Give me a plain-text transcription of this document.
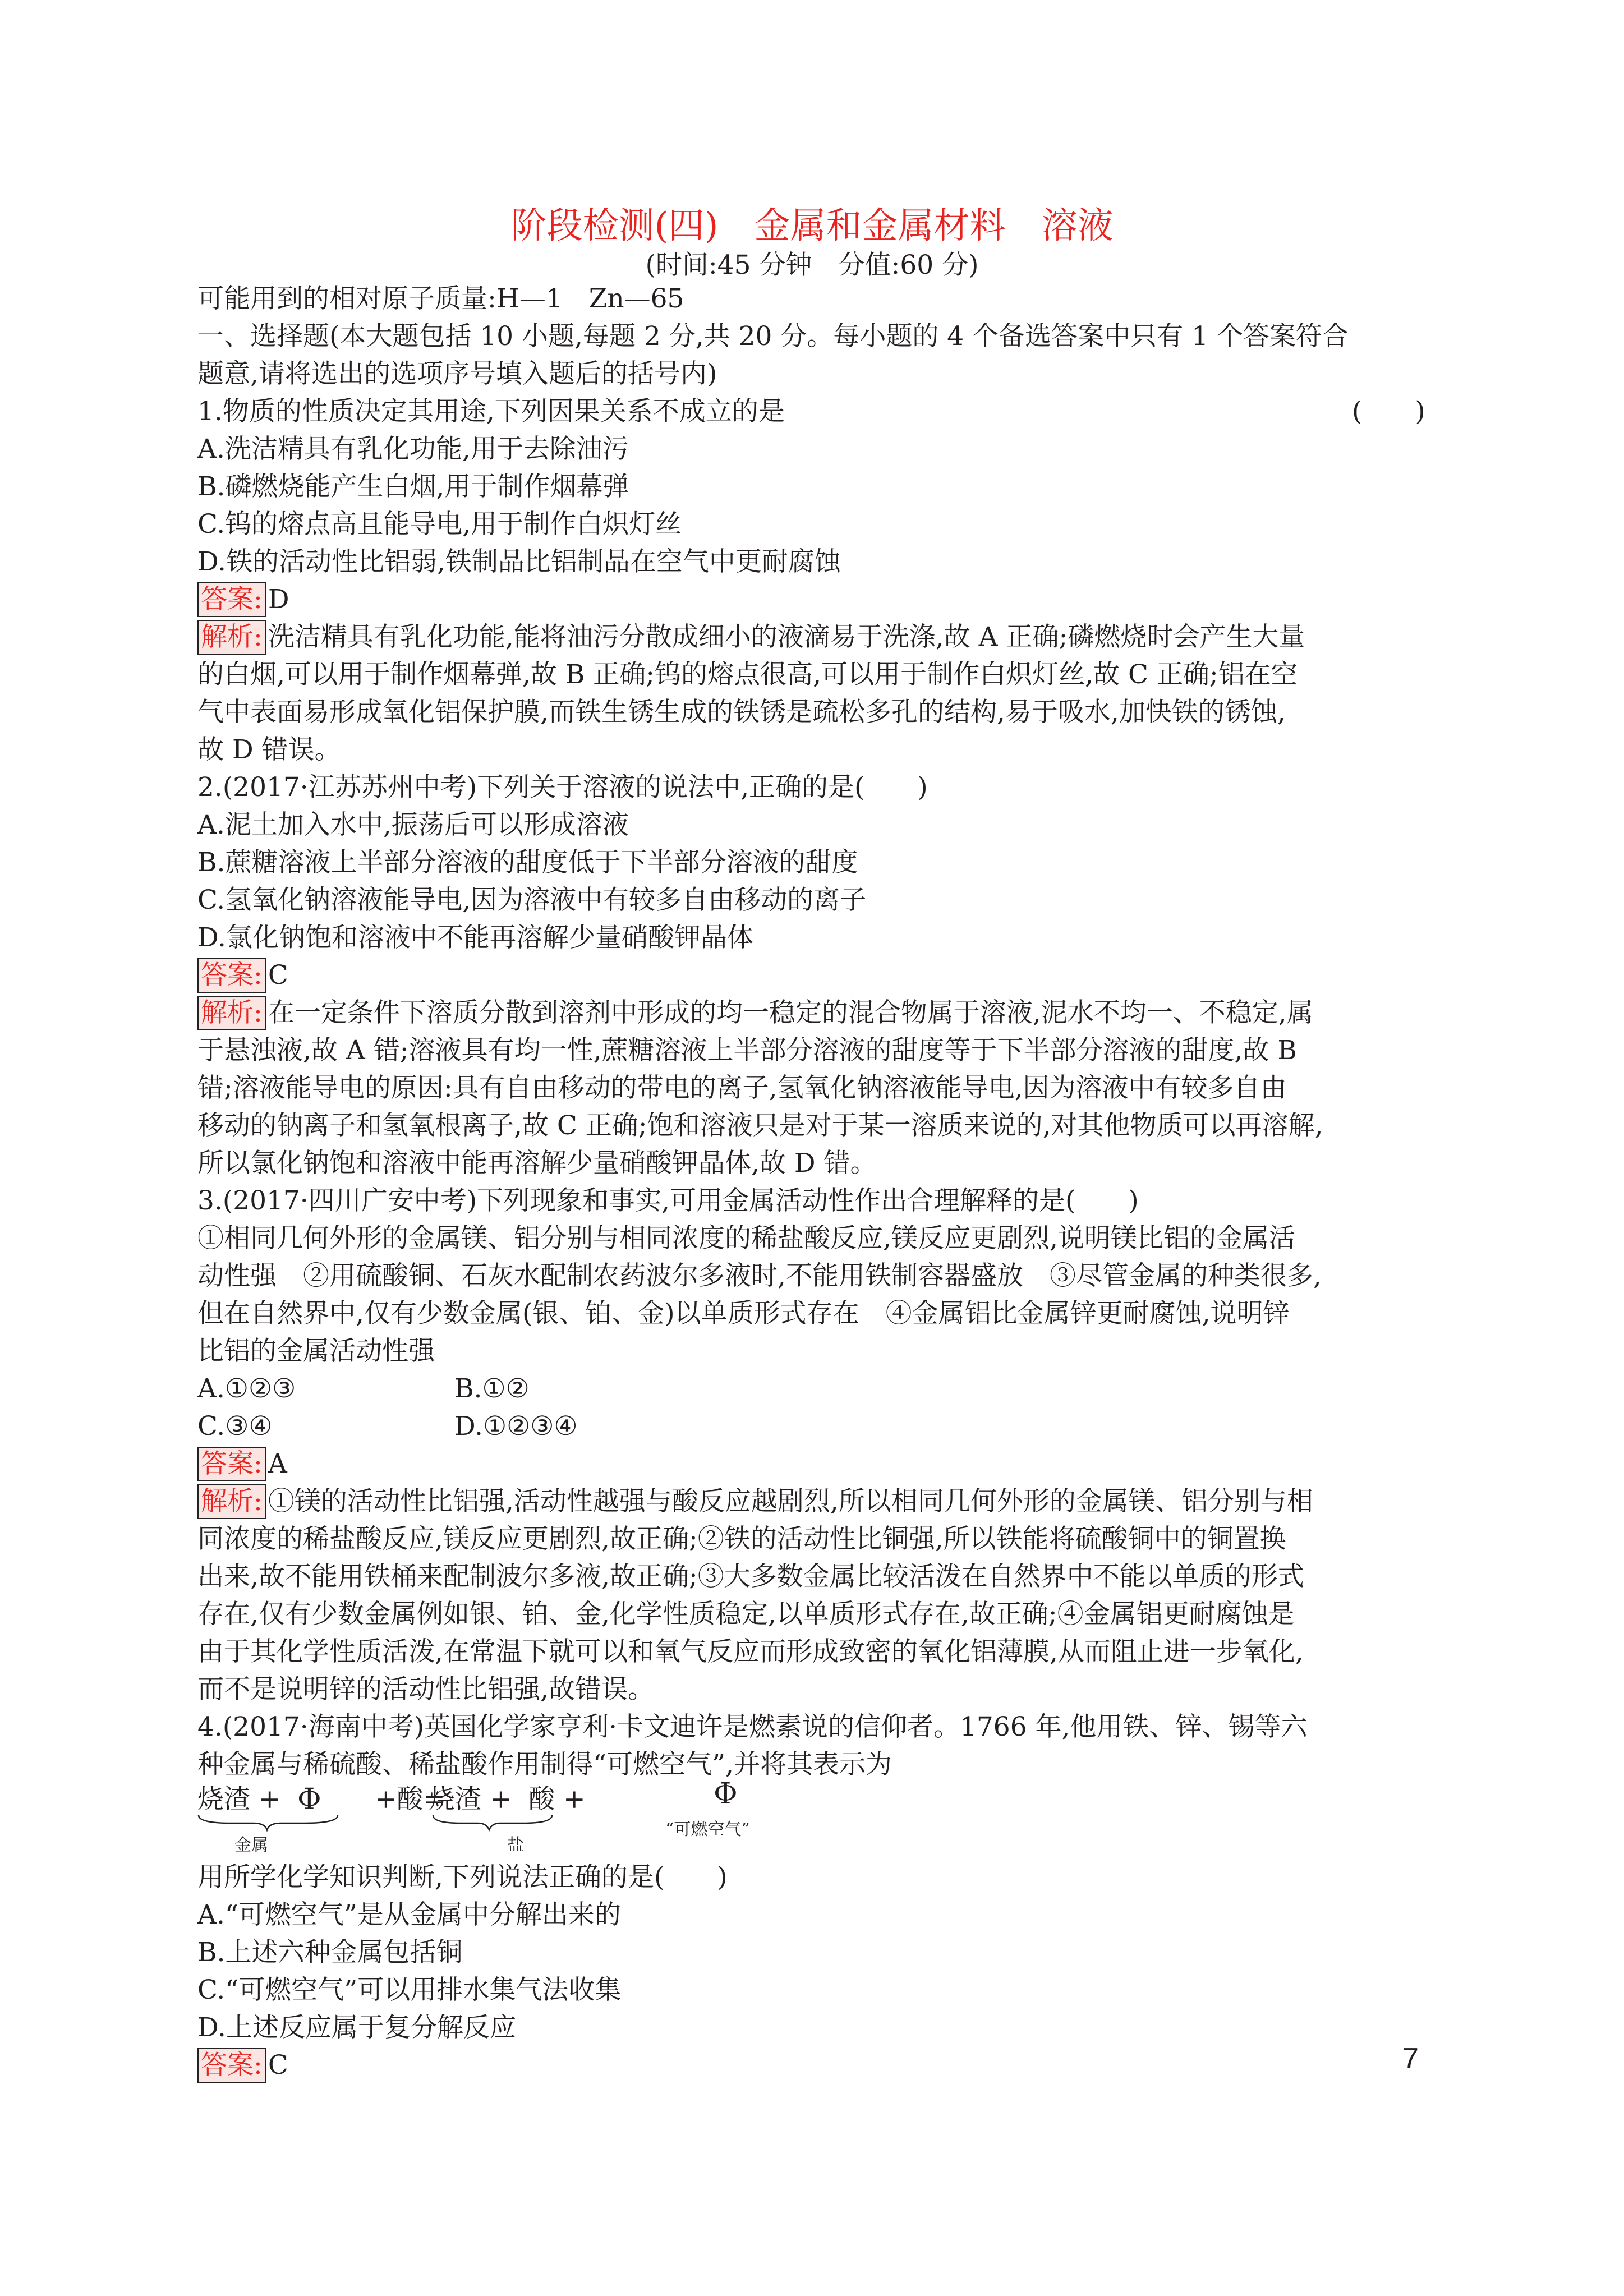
阶段检测(四)　金属和金属材料　溶液
(时间:45 分钟　分值:60 分)
可能用到的相对原子质量:H—1　Zn—65
一、选择题(本大题包括 10 小题,每题 2 分,共 20 分。每小题的 4 个备选答案中只有 1 个答案符合
题意,请将选出的选项序号填入题后的括号内)
1.物质的性质决定其用途,下列因果关系不成立的是	(　　)
A.洗洁精具有乳化功能,用于去除油污
B.磷燃烧能产生白烟,用于制作烟幕弹
C.钨的熔点高且能导电,用于制作白炽灯丝
D.铁的活动性比铝弱,铁制品比铝制品在空气中更耐腐蚀
答案: D
解析: 洗洁精具有乳化功能,能将油污分散成细小的液滴易于洗涤,故 A 正确;磷燃烧时会产生大量
的白烟,可以用于制作烟幕弹,故 B 正确;钨的熔点很高,可以用于制作白炽灯丝,故 C 正确;铝在空
气中表面易形成氧化铝保护膜,而铁生锈生成的铁锈是疏松多孔的结构,易于吸水,加快铁的锈蚀,
故 D 错误。
2.(2017·江苏苏州中考)下列关于溶液的说法中,正确的是(　　)
A.泥土加入水中,振荡后可以形成溶液
B.蔗糖溶液上半部分溶液的甜度低于下半部分溶液的甜度
C.氢氧化钠溶液能导电,因为溶液中有较多自由移动的离子
D.氯化钠饱和溶液中不能再溶解少量硝酸钾晶体
答案: C
解析: 在一定条件下溶质分散到溶剂中形成的均一稳定的混合物属于溶液,泥水不均一、不稳定,属
于悬浊液,故 A 错;溶液具有均一性,蔗糖溶液上半部分溶液的甜度等于下半部分溶液的甜度,故 B
错;溶液能导电的原因:具有自由移动的带电的离子,氢氧化钠溶液能导电,因为溶液中有较多自由
移动的钠离子和氢氧根离子,故 C 正确;饱和溶液只是对于某一溶质来说的,对其他物质可以再溶解,
所以氯化钠饱和溶液中能再溶解少量硝酸钾晶体,故 D 错。
3.(2017·四川广安中考)下列现象和事实,可用金属活动性作出合理解释的是(　　)
①相同几何外形的金属镁、铝分别与相同浓度的稀盐酸反应,镁反应更剧烈,说明镁比铝的金属活
动性强　②用硫酸铜、石灰水配制农药波尔多液时,不能用铁制容器盛放　③尽管金属的种类很多,
但在自然界中,仅有少数金属(银、铂、金)以单质形式存在　④金属铝比金属锌更耐腐蚀,说明锌
比铝的金属活动性强
A.①②③	B.①②
C.③④	D.①②③④
答案: A
解析: ①镁的活动性比铝强,活动性越强与酸反应越剧烈,所以相同几何外形的金属镁、铝分别与相
同浓度的稀盐酸反应,镁反应更剧烈,故正确;②铁的活动性比铜强,所以铁能将硫酸铜中的铜置换
出来,故不能用铁桶来配制波尔多液,故正确;③大多数金属比较活泼在自然界中不能以单质的形式
存在,仅有少数金属例如银、铂、金,化学性质稳定,以单质形式存在,故正确;④金属铝更耐腐蚀是
由于其化学性质活泼,在常温下就可以和氧气反应而形成致密的氧化铝薄膜,从而阻止进一步氧化,
而不是说明锌的活动性比铝强,故错误。
4.(2017·海南中考)英国化学家亨利·卡文迪许是燃素说的信仰者。1766 年,他用铁、锌、锡等六
种金属与稀硫酸、稀盐酸作用制得“可燃空气”,并将其表示为
烧渣 + Φ +酸=
烧渣 +  酸 +	Φ
金属	盐
“可燃空气”
用所学化学知识判断,下列说法正确的是(　　)
A.“可燃空气”是从金属中分解出来的
B.上述六种金属包括铜
C.“可燃空气”可以用排水集气法收集
D.上述反应属于复分解反应
答案: C	7
